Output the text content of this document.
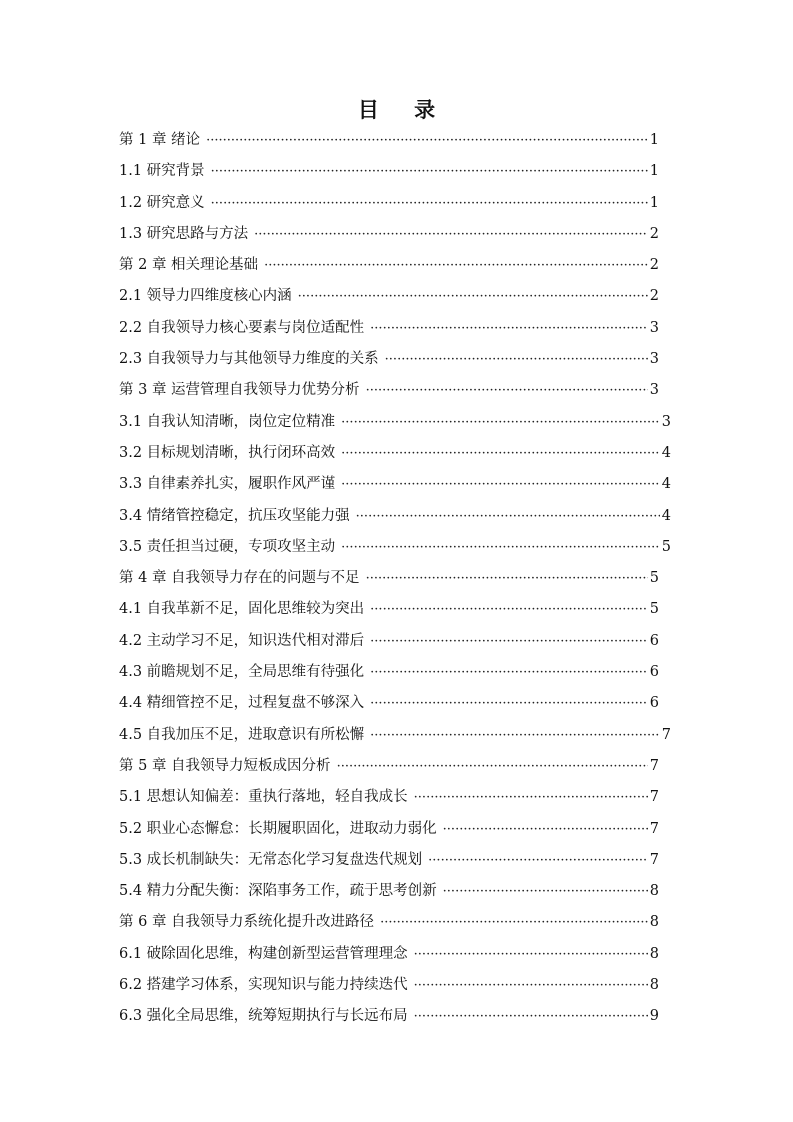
目 录
第 1 章 绪论 ·····	1
1.1 研究背景 ·····	1
1.2 研究意义 ·····	1
1.3 研究思路与方法 ·····	2
第 2 章 相关理论基础 ·····	2
2.1 领导力四维度核心内涵 ·····	2
2.2 自我领导力核心要素与岗位适配性 ·····	3
2.3 自我领导力与其他领导力维度的关系 ·····	3
第 3 章 运营管理自我领导力优势分析 ·····	3
3.1 自我认知清晰，岗位定位精准 ·····	3
3.2 目标规划清晰，执行闭环高效 ·····	4
3.3 自律素养扎实，履职作风严谨 ·····	4
3.4 情绪管控稳定，抗压攻坚能力强 ·····	4
3.5 责任担当过硬，专项攻坚主动 ·····	5
第 4 章 自我领导力存在的问题与不足 ·····	5
4.1 自我革新不足，固化思维较为突出 ·····	5
4.2 主动学习不足，知识迭代相对滞后 ·····	6
4.3 前瞻规划不足，全局思维有待强化 ·····	6
4.4 精细管控不足，过程复盘不够深入 ·····	6
4.5 自我加压不足，进取意识有所松懈 ·····	7
第 5 章 自我领导力短板成因分析 ·····	7
5.1 思想认知偏差：重执行落地，轻自我成长 ·····	7
5.2 职业心态懈怠：长期履职固化，进取动力弱化 ·····	7
5.3 成长机制缺失：无常态化学习复盘迭代规划 ·····	7
5.4 精力分配失衡：深陷事务工作，疏于思考创新 ·····	8
第 6 章 自我领导力系统化提升改进路径 ·····	8
6.1 破除固化思维，构建创新型运营管理理念 ·····	8
6.2 搭建学习体系，实现知识与能力持续迭代 ·····	8
6.3 强化全局思维，统筹短期执行与长远布局 ·····	9
